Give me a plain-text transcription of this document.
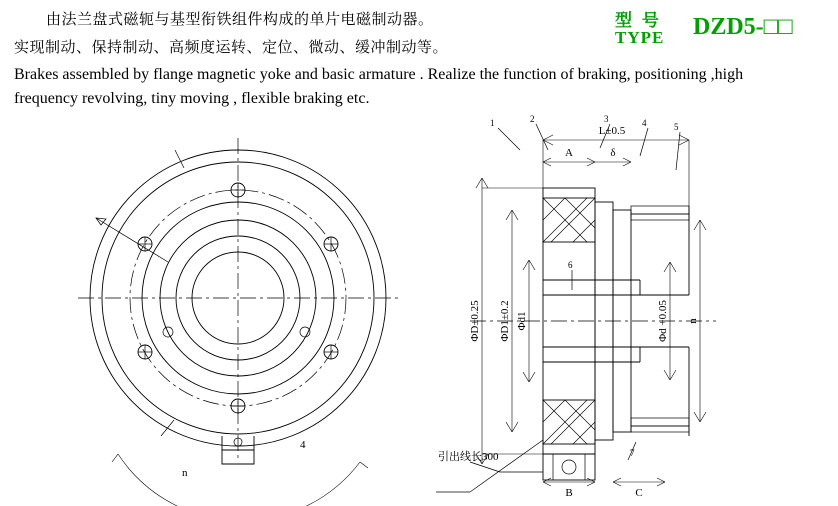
由法兰盘式磁轭与基型衔铁组件构成的单片电磁制动器。
实现制动、保持制动、高频度运转、定位、微动、缓冲制动等。
Brakes assembled by flange magnetic yoke and basic armature . Realize the function of braking, positioning ,high
frequency revolving, tiny moving , flexible braking etc.
型 号
TYPE DZD5-□□
4
n
引出线长300
ΦD±0.25 ΦD1±0.2 Φd1	Φd +0.05 n
L±0.5
A	δ
B	C
1	2	3	4	5
6
7
